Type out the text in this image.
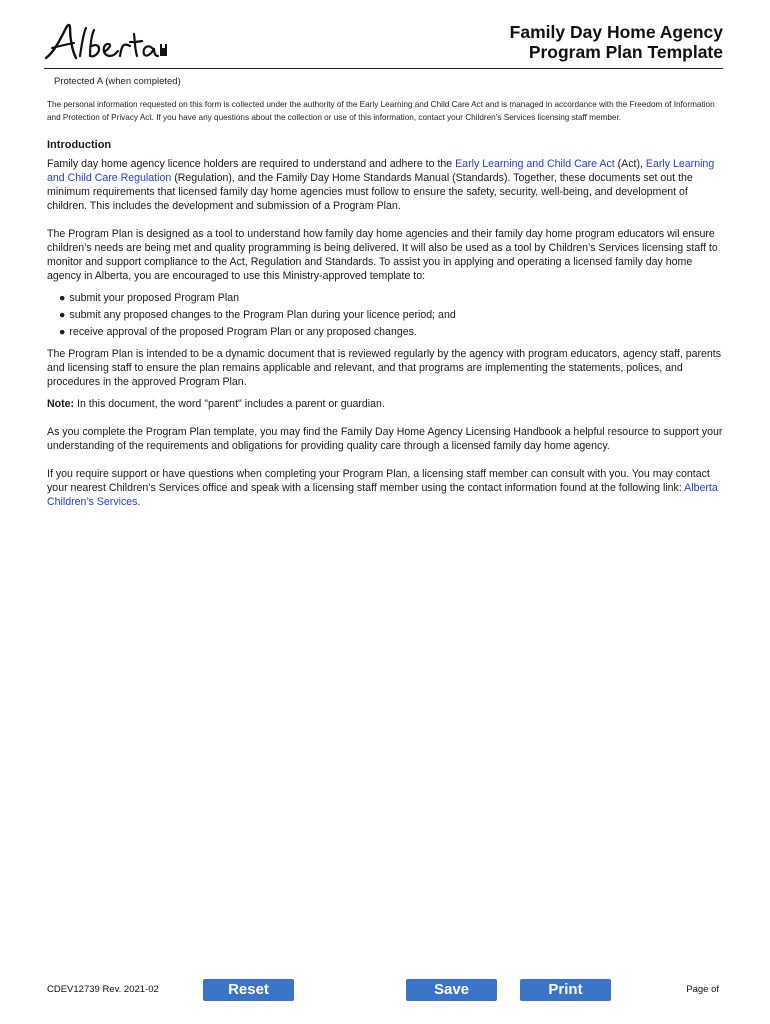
Family Day Home Agency
Program Plan Template
Protected A (when completed)
The personal information requested on this form is collected under the authority of the Early Learning and Child Care Act and is managed in accordance with the Freedom of Information and Protection of Privacy Act. If you have any questions about the collection or use of this information, contact your Children’s Services licensing staff member.
Introduction

Family day home agency licence holders are required to understand and adhere to the Early Learning and Child Care Act (Act), Early Learning and Child Care Regulation (Regulation), and the Family Day Home Standards Manual (Standards). Together, these documents set out the minimum requirements that licensed family day home agencies must follow to ensure the safety, security, well-being, and development of children. This includes the development and submission of a Program Plan.

The Program Plan is designed as a tool to understand how family day home agencies and their family day home program educators wil ensure children’s needs are being met and quality programming is being delivered. It will also be used as a tool by Children’s Services licensing staff to monitor and support compliance to the Act, Regulation and Standards. To assist you in applying and operating a licensed family day home agency in Alberta, you are encouraged to use this Ministry-approved template to:

● submit your proposed Program Plan
● submit any proposed changes to the Program Plan during your licence period; and
● receive approval of the proposed Program Plan or any proposed changes.

The Program Plan is intended to be a dynamic document that is reviewed regularly by the agency with program educators, agency staff, parents and licensing staff to ensure the plan remains applicable and relevant, and that programs are implementing the statements, polices, and procedures in the approved Program Plan.

Note: In this document, the word "parent" includes a parent or guardian.

As you complete the Program Plan template, you may find the Family Day Home Agency Licensing Handbook a helpful resource to support your understanding of the requirements and obligations for providing quality care through a licensed family day home agency.

If you require support or have questions when completing your Program Plan, a licensing staff member can consult with you. You may contact your nearest Children’s Services office and speak with a licensing staff member using the contact information found at the following link: Alberta Children’s Services.

CDEV12739 Rev. 2021-02	Reset	Save	Print	Page of
